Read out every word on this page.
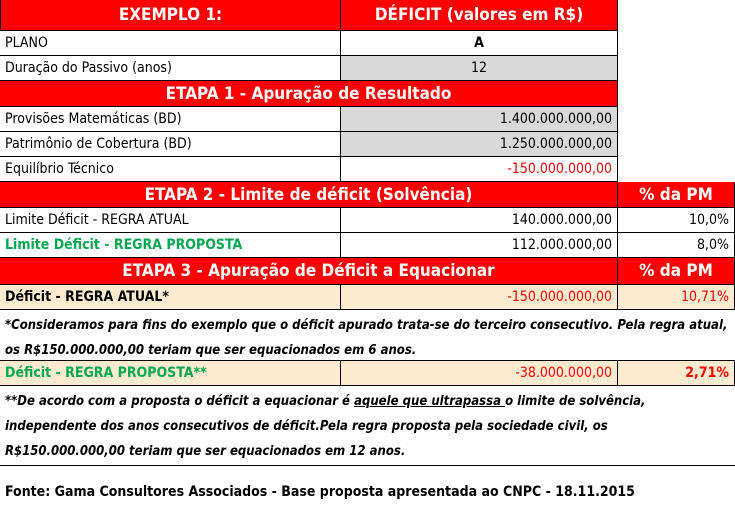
EXEMPLO 1:	DÉFICIT (valores em R$)
PLANO	A
Duração do Passivo (anos)	12
ETAPA 1 - Apuração de Resultado
Provisões Matemáticas (BD)	1.400.000.000,00
Patrimônio de Cobertura (BD)	1.250.000.000,00
Equilíbrio Técnico	-150.000.000,00
ETAPA 2 - Limite de déficit (Solvência)	% da PM
Limite Déficit - REGRA ATUAL	140.000.000,00	10,0%
Limite Déficit - REGRA PROPOSTA	112.000.000,00	8,0%
ETAPA 3 - Apuração de Déficit a Equacionar	% da PM
Déficit - REGRA ATUAL*	-150.000.000,00	10,71%
*Consideramos para fins do exemplo que o déficit apurado trata-se do terceiro consecutivo. Pela regra atual, os R$150.000.000,00 teriam que ser equacionados em 6 anos.
Déficit - REGRA PROPOSTA**	-38.000.000,00	2,71%
**De acordo com a proposta o déficit a equacionar é aquele que ultrapassa o limite de solvência, independente dos anos consecutivos de déficit.Pela regra proposta pela sociedade civil, os R$150.000.000,00 teriam que ser equacionados em 12 anos.
Fonte: Gama Consultores Associados - Base proposta apresentada ao CNPC - 18.11.2015
